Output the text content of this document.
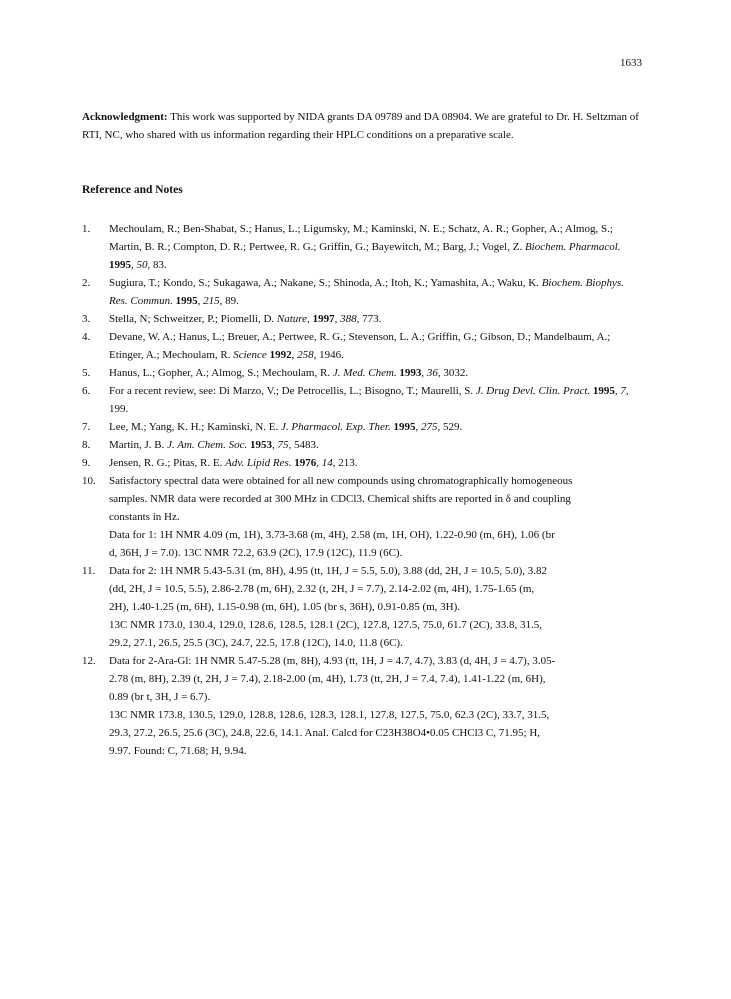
1633

Acknowledgment: This work was supported by NIDA grants DA 09789 and DA 08904. We are grateful to Dr. H. Seltzman of RTI, NC, who shared with us information regarding their HPLC conditions on a preparative scale.

Reference and Notes
1. Mechoulam, R.; Ben-Shabat, S.; Hanus, L.; Ligumsky, M.; Kaminski, N. E.; Schatz, A. R.; Gopher, A.; Almog, S.; Martin, B. R.; Compton, D. R.; Pertwee, R. G.; Griffin, G.; Bayewitch, M.; Barg, J.; Vogel, Z. Biochem. Pharmacol. 1995, 50, 83.
2. Sugiura, T.; Kondo, S.; Sukagawa, A.; Nakane, S.; Shinoda, A.; Itoh, K.; Yamashita, A.; Waku, K. Biochem. Biophys. Res. Commun. 1995, 215, 89.
3. Stella, N; Schweitzer, P.; Piomelli, D. Nature, 1997, 388, 773.
4. Devane, W. A.; Hanus, L.; Breuer, A.; Pertwee, R. G.; Stevenson, L. A.; Griffin, G.; Gibson, D.; Mandelbaum, A.; Etinger, A.; Mechoulam, R. Science 1992, 258, 1946.
5. Hanus, L.; Gopher, A.; Almog, S.; Mechoulam, R. J. Med. Chem. 1993, 36, 3032.
6. For a recent review, see: Di Marzo, V.; De Petrocellis, L.; Bisogno, T.; Maurelli, S. J. Drug Devl. Clin. Pract. 1995, 7, 199.
7. Lee, M.; Yang, K. H.; Kaminski, N. E. J. Pharmacol. Exp. Ther. 1995, 275, 529.
8. Martin, J. B. J. Am. Chem. Soc. 1953, 75, 5483.
9. Jensen, R. G.; Pitas, R. E. Adv. Lipid Res. 1976, 14, 213.
10. Satisfactory spectral data were obtained for all new compounds using chromatographically homogeneous
samples. NMR data were recorded at 300 MHz in CDCl3. Chemical shifts are reported in δ and coupling
constants in Hz.
Data for 1: 1H NMR 4.09 (m, 1H), 3.73-3.68 (m, 4H), 2.58 (m, 1H, OH), 1.22-0.90 (m, 6H), 1.06 (br
d, 36H, J = 7.0). 13C NMR 72.2, 63.9 (2C), 17.9 (12C), 11.9 (6C).
11. Data for 2: 1H NMR 5.43-5.31 (m, 8H), 4.95 (tt, 1H, J = 5.5, 5.0), 3.88 (dd, 2H, J = 10.5, 5.0), 3.82
(dd, 2H, J = 10.5, 5.5), 2.86-2.78 (m, 6H), 2.32 (t, 2H, J = 7.7), 2.14-2.02 (m, 4H), 1.75-1.65 (m,
2H), 1.40-1.25 (m, 6H), 1.15-0.98 (m, 6H), 1.05 (br s, 36H), 0.91-0.85 (m, 3H).
13C NMR 173.0, 130.4, 129.0, 128.6, 128.5, 128.1 (2C), 127.8, 127.5, 75.0, 61.7 (2C), 33.8, 31.5,
29.2, 27.1, 26.5, 25.5 (3C), 24.7, 22.5, 17.8 (12C), 14.0, 11.8 (6C).
12. Data for 2-Ara-Gl: 1H NMR 5.47-5.28 (m, 8H), 4.93 (tt, 1H, J = 4.7, 4.7), 3.83 (d, 4H, J = 4.7), 3.05-
2.78 (m, 8H), 2.39 (t, 2H, J = 7.4), 2.18-2.00 (m, 4H), 1.73 (tt, 2H, J = 7.4, 7.4), 1.41-1.22 (m, 6H),
0.89 (br t, 3H, J = 6.7).
13C NMR 173.8, 130.5, 129.0, 128.8, 128.6, 128.3, 128.1, 127.8, 127.5, 75.0, 62.3 (2C), 33.7, 31.5,
29.3, 27.2, 26.5, 25.6 (3C), 24.8, 22.6, 14.1. Anal. Calcd for C23H38O4•0.05 CHCl3 C, 71.95; H,
9.97. Found: C, 71.68; H, 9.94.
